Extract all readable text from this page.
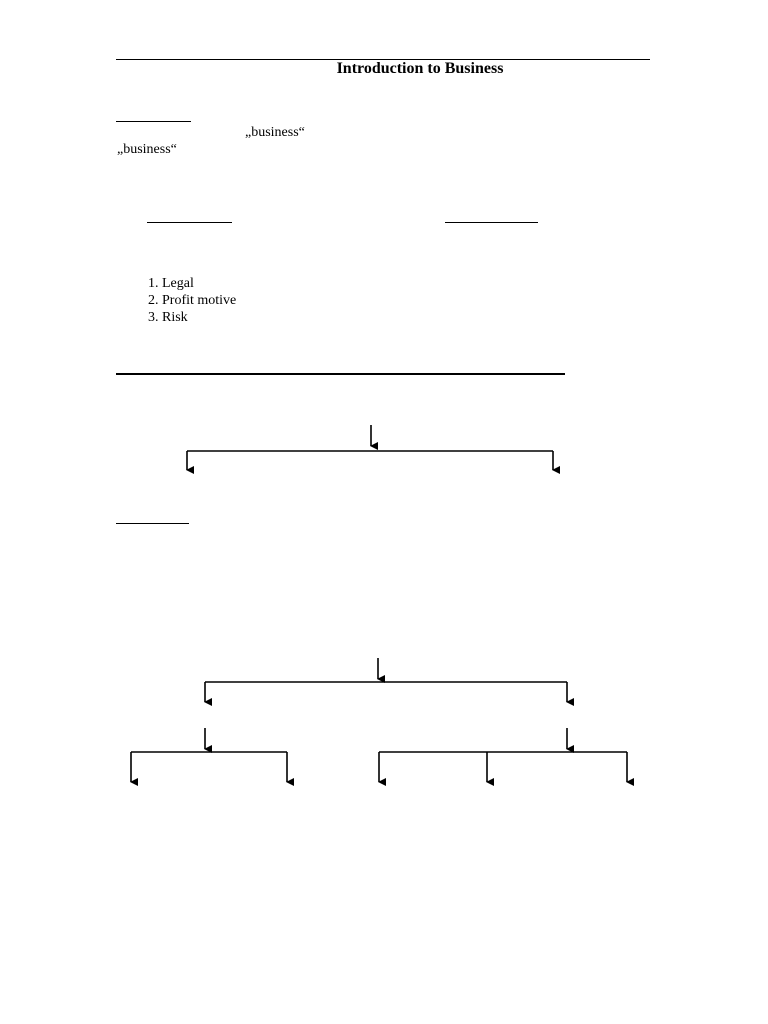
Introduction to Business
„business“
„business“
1. Legal
2. Profit motive
3. Risk
